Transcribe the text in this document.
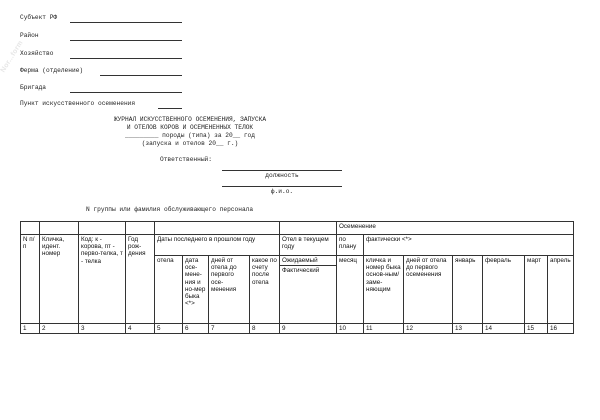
Nor...form
Субъект РФ
Район
Хозяйство
Ферма (отделение)
Бригада
Пункт искусственного осеменения
ЖУРНАЛ ИСКУССТВЕННОГО ОСЕМЕНЕНИЯ, ЗАПУСКА
И ОТЕЛОВ КОРОВ И ОСЕМЕНЕННЫХ ТЕЛОК
_________ породы (типа) за 20__ год
(запуска и отелов 20__ г.)
Ответственный:
должность
ф.и.о.
N группы или фамилия обслуживающего персонала
									Осеменение						
N п/п	Кличка, идент. номер	Код: к - корова, пт - перво-телка, т - телка	Год рож-дения	Даты последнего в прошлом году				Отел в текущем году	по плану	фактически <*>					
				отела	дата осе-мене-ния и но-мер быка <*>	дней от отела до первого осе-менения	какое по счету после отела	Ожидаемый	месяц	кличка и номер быка основ-ным/ заме-няющим	дней от отела до первого осеменения	январь	февраль	март	апрель
								Фактический							
1	2	3	4	5	6	7	8	9	10	11	12	13	14	15	16
